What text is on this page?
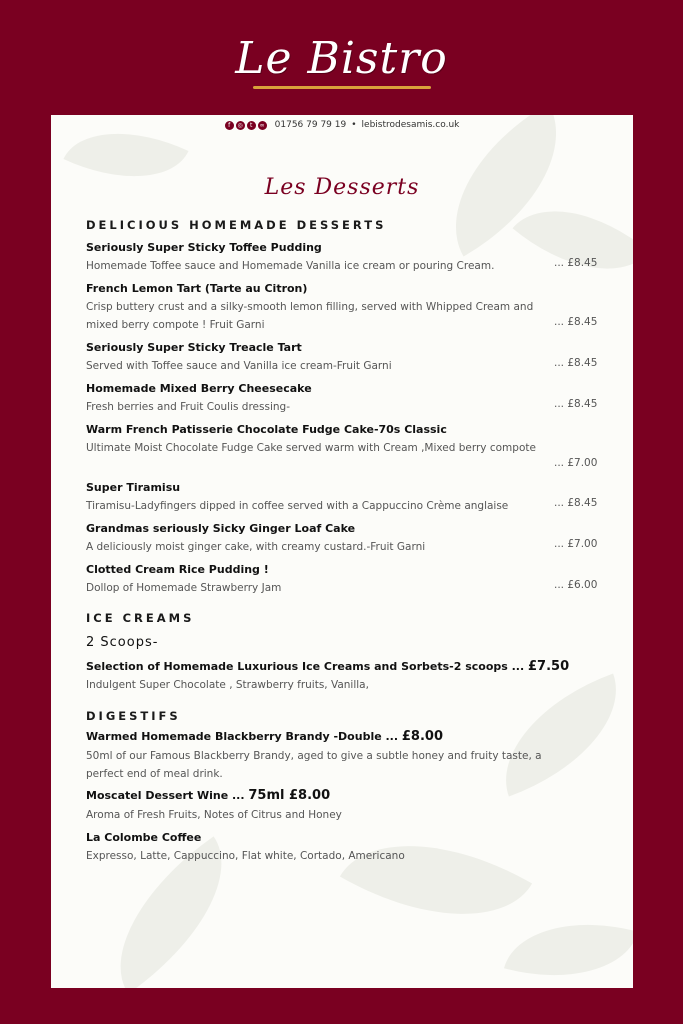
Le Bistro
f	◎	t	∞ 01756 79 79 19 • lebistrodesamis.co.uk
Les Desserts
DELICIOUS HOMEMADE DESSERTS
Seriously Super Sticky Toffee Pudding
Homemade Toffee sauce and Homemade Vanilla ice cream or pouring Cream.	... £8.45
French Lemon Tart (Tarte au Citron)
Crisp buttery crust and a silky-smooth lemon filling, served with Whipped Cream and mixed berry compote ! Fruit Garni	... £8.45
Seriously Super Sticky Treacle Tart
Served with Toffee sauce and Vanilla ice cream-Fruit Garni	... £8.45
Homemade Mixed Berry Cheesecake
Fresh berries and Fruit Coulis dressing-	... £8.45
Warm French Patisserie Chocolate Fudge Cake-70s Classic
Ultimate Moist Chocolate Fudge Cake served warm with Cream ,Mixed berry compote
... £7.00
Super Tiramisu
Tiramisu-Ladyfingers dipped in coffee served with a Cappuccino Crème anglaise	... £8.45
Grandmas seriously Sicky Ginger Loaf Cake
A deliciously moist ginger cake, with creamy custard.-Fruit Garni	... £7.00
Clotted Cream Rice Pudding !
Dollop of Homemade Strawberry Jam	... £6.00
ICE CREAMS
2 Scoops-
Selection of Homemade Luxurious Ice Creams and Sorbets-2 scoops ... £7.50
Indulgent Super Chocolate , Strawberry fruits, Vanilla,
DIGESTIFS
Warmed Homemade Blackberry Brandy -Double ... £8.00
50ml of our Famous Blackberry Brandy, aged to give a subtle honey and fruity taste, a perfect end of meal drink.
Moscatel Dessert Wine ... 75ml £8.00
Aroma of Fresh Fruits, Notes of Citrus and Honey
La Colombe Coffee
Expresso, Latte, Cappuccino, Flat white, Cortado, Americano
